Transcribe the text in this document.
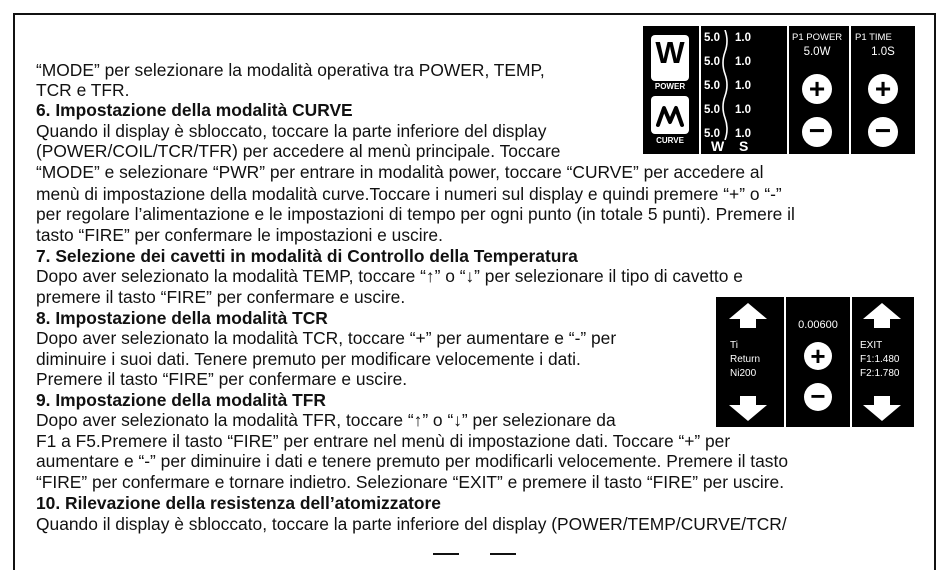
“MODE” per selezionare la modalità operativa tra POWER, TEMP,
TCR e TFR.
6. Impostazione della modalità CURVE
Quando il display è sbloccato, toccare la parte inferiore del display
(POWER/COIL/TCR/TFR) per accedere al menù principale. Toccare
“MODE” e selezionare “PWR” per entrare in modalità power, toccare “CURVE” per accedere al
menù di impostazione della modalità curve.Toccare i numeri sul display e quindi premere “+” o “-”
per regolare l’alimentazione e le impostazioni di tempo per ogni punto (in totale 5 punti). Premere il
tasto “FIRE” per confermare le impostazioni e uscire.
7. Selezione dei cavetti in modalità di Controllo della Temperatura
Dopo aver selezionato la modalità TEMP, toccare “↑” o “↓” per selezionare il tipo di cavetto e
premere il tasto “FIRE” per confermare e uscire.
8. Impostazione della modalità TCR
Dopo aver selezionato la modalità TCR, toccare “+” per aumentare e “-” per
diminuire i suoi dati. Tenere premuto per modificare velocemente i dati.
Premere il tasto “FIRE” per confermare e uscire.
9. Impostazione della modalità TFR
Dopo aver selezionato la modalità TFR, toccare “↑” o “↓” per selezionare da
F1 a F5.Premere il tasto “FIRE” per entrare nel menù di impostazione dati. Toccare “+” per
aumentare e “-” per diminuire i dati e tenere premuto per modificarli velocemente. Premere il tasto
“FIRE” per confermare e tornare indietro. Selezionare “EXIT” e premere il tasto “FIRE” per uscire.
10. Rilevazione della resistenza dell’atomizzatore
Quando il display è sbloccato, toccare la parte inferiore del display (POWER/TEMP/CURVE/TCR/
W
POWER
CURVE	W S
P1 POWER
5.0W
+
−
P1 TIME
1.0S
+
−
5.0
5.0
5.0
5.0
5.0
1.0
1.0
1.0
1.0
1.0
0.00600
+
−
Ti
Return
Ni200
EXIT
F1:1.480
F2:1.780
